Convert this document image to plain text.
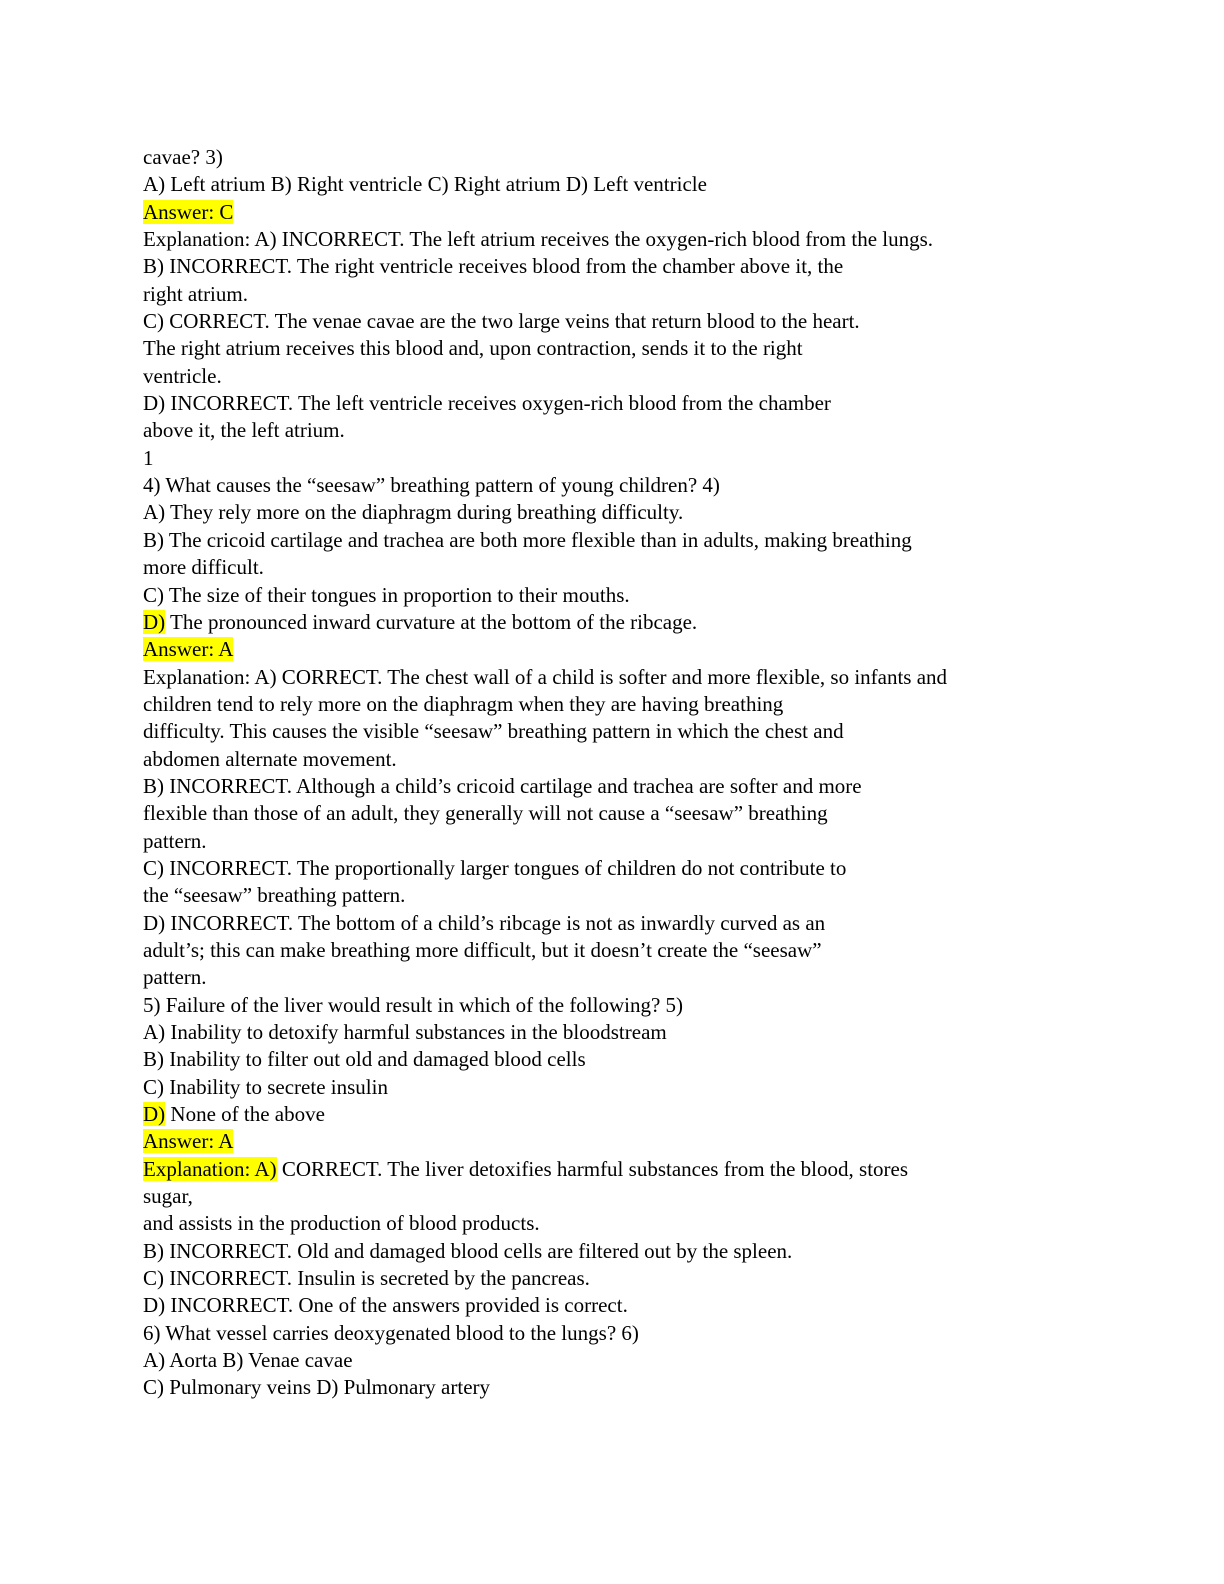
cavae? 3)
A) Left atrium B) Right ventricle C) Right atrium D) Left ventricle
Answer: C
Explanation: A) INCORRECT. The left atrium receives the oxygen-rich blood from the lungs.
B) INCORRECT. The right ventricle receives blood from the chamber above it, the
right atrium.
C) CORRECT. The venae cavae are the two large veins that return blood to the heart.
The right atrium receives this blood and, upon contraction, sends it to the right
ventricle.
D) INCORRECT. The left ventricle receives oxygen-rich blood from the chamber
above it, the left atrium.
1
4) What causes the “seesaw” breathing pattern of young children? 4)
A) They rely more on the diaphragm during breathing difficulty.
B) The cricoid cartilage and trachea are both more flexible than in adults, making breathing
more difficult.
C) The size of their tongues in proportion to their mouths.
D) The pronounced inward curvature at the bottom of the ribcage.
Answer: A
Explanation: A) CORRECT. The chest wall of a child is softer and more flexible, so infants and
children tend to rely more on the diaphragm when they are having breathing
difficulty. This causes the visible “seesaw” breathing pattern in which the chest and
abdomen alternate movement.
B) INCORRECT. Although a child’s cricoid cartilage and trachea are softer and more
flexible than those of an adult, they generally will not cause a “seesaw” breathing
pattern.
C) INCORRECT. The proportionally larger tongues of children do not contribute to
the “seesaw” breathing pattern.
D) INCORRECT. The bottom of a child’s ribcage is not as inwardly curved as an
adult’s; this can make breathing more difficult, but it doesn’t create the “seesaw”
pattern.
5) Failure of the liver would result in which of the following? 5)
A) Inability to detoxify harmful substances in the bloodstream
B) Inability to filter out old and damaged blood cells
C) Inability to secrete insulin
D) None of the above
Answer: A
Explanation: A) CORRECT. The liver detoxifies harmful substances from the blood, stores
sugar,
and assists in the production of blood products.
B) INCORRECT. Old and damaged blood cells are filtered out by the spleen.
C) INCORRECT. Insulin is secreted by the pancreas.
D) INCORRECT. One of the answers provided is correct.
6) What vessel carries deoxygenated blood to the lungs? 6)
A) Aorta B) Venae cavae
C) Pulmonary veins D) Pulmonary artery
